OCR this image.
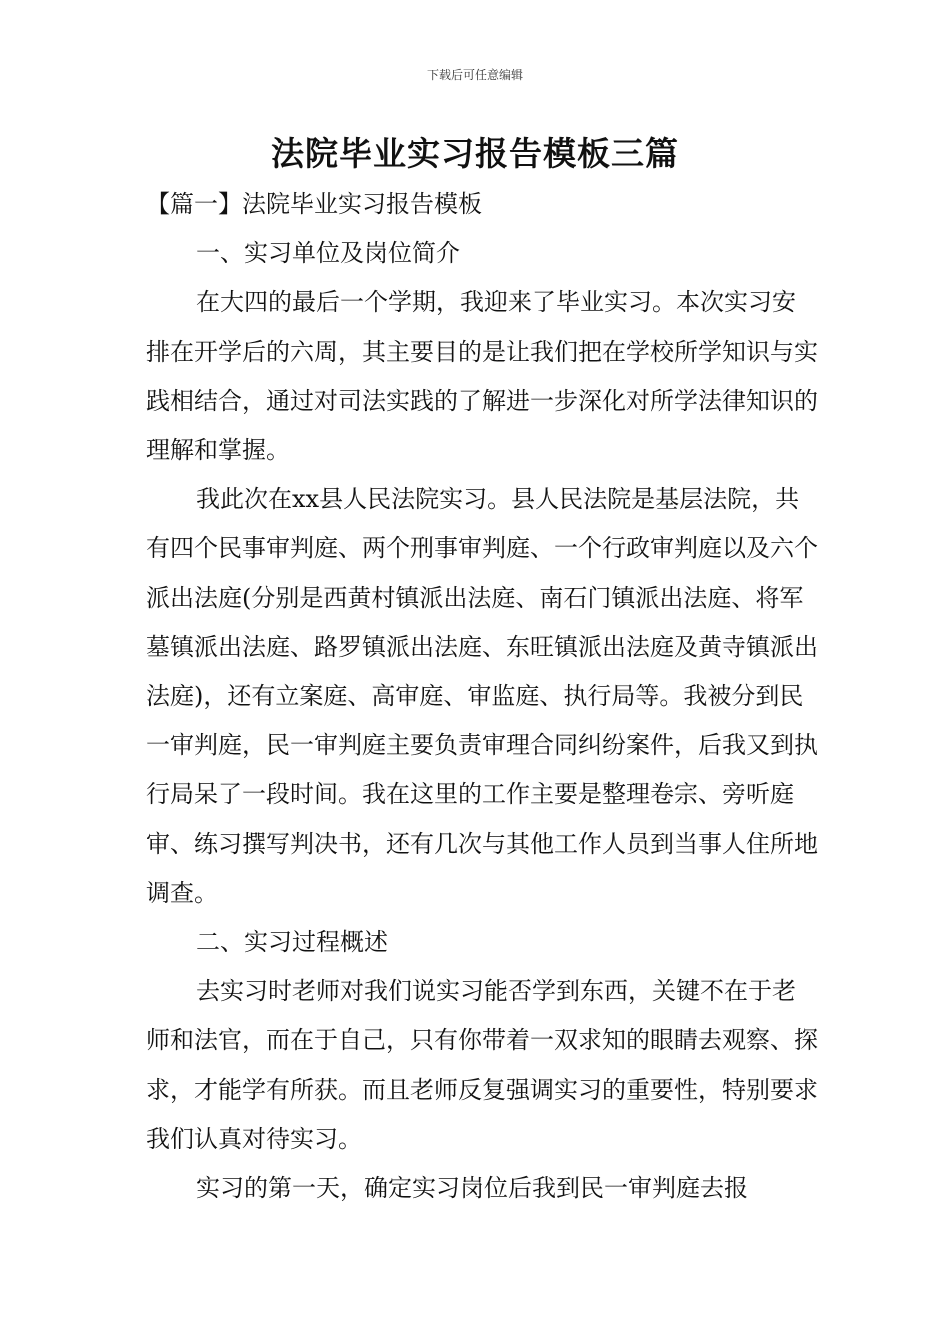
下载后可任意编辑
法院毕业实习报告模板三篇

【篇一】法院毕业实习报告模板

一、实习单位及岗位简介

在大四的最后一个学期，我迎来了毕业实习。本次实习安排在开学后的六周，其主要目的是让我们把在学校所学知识与实践相结合，通过对司法实践的了解进一步深化对所学法律知识的理解和掌握。

我此次在xx县人民法院实习。县人民法院是基层法院，共有四个民事审判庭、两个刑事审判庭、一个行政审判庭以及六个派出法庭(分别是西黄村镇派出法庭、南石门镇派出法庭、将军墓镇派出法庭、路罗镇派出法庭、东旺镇派出法庭及黄寺镇派出法庭)，还有立案庭、高审庭、审监庭、执行局等。我被分到民一审判庭，民一审判庭主要负责审理合同纠纷案件，后我又到执行局呆了一段时间。我在这里的工作主要是整理卷宗、旁听庭审、练习撰写判决书，还有几次与其他工作人员到当事人住所地调查。

二、实习过程概述

去实习时老师对我们说实习能否学到东西，关键不在于老师和法官，而在于自己，只有你带着一双求知的眼睛去观察、探求，才能学有所获。而且老师反复强调实习的重要性，特别要求我们认真对待实习。

实习的第一天，确定实习岗位后我到民一审判庭去报
